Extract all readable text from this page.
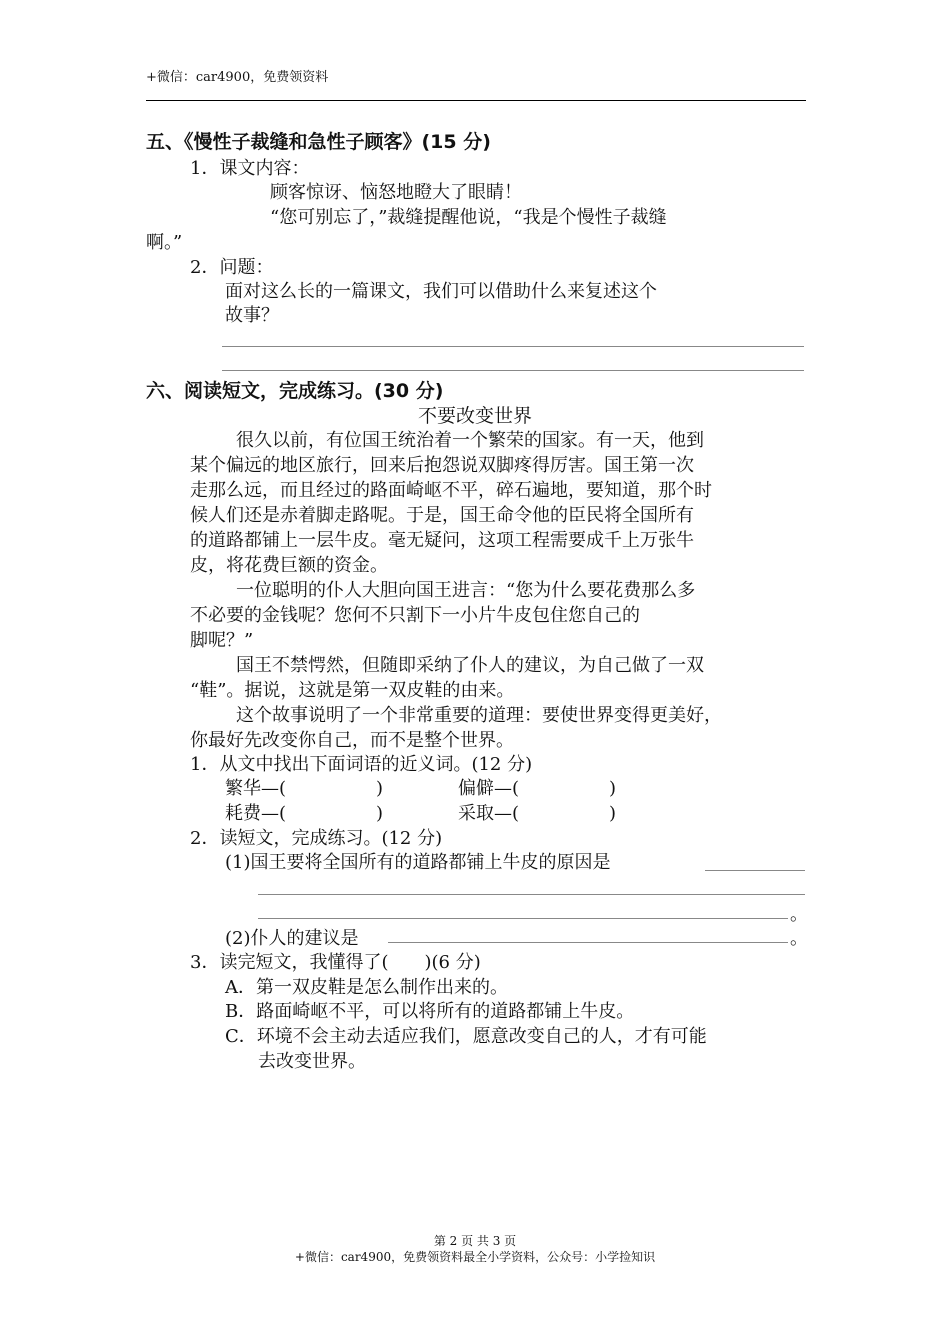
+微信：car4900，免费领资料
五、《慢性子裁缝和急性子顾客》(15 分)
1．课文内容：
顾客惊讶、恼怒地瞪大了眼睛！
“您可别忘了，”裁缝提醒他说，“我是个慢性子裁缝
啊。”
2．问题：
面对这么长的一篇课文，我们可以借助什么来复述这个
故事？
六、阅读短文，完成练习。(30 分)
不要改变世界
很久以前，有位国王统治着一个繁荣的国家。有一天，他到
某个偏远的地区旅行，回来后抱怨说双脚疼得厉害。国王第一次
走那么远，而且经过的路面崎岖不平，碎石遍地，要知道，那个时
候人们还是赤着脚走路呢。于是，国王命令他的臣民将全国所有
的道路都铺上一层牛皮。毫无疑问，这项工程需要成千上万张牛
皮，将花费巨额的资金。
一位聪明的仆人大胆向国王进言：“您为什么要花费那么多
不必要的金钱呢？您何不只割下一小片牛皮包住您自己的
脚呢？”
国王不禁愕然，但随即采纳了仆人的建议，为自己做了一双
“鞋”。据说，这就是第一双皮鞋的由来。
这个故事说明了一个非常重要的道理：要使世界变得更美好，
你最好先改变你自己，而不是整个世界。
1．从文中找出下面词语的近义词。(12 分)
繁华—(　　　　　)	偏僻—(　　　　　)
耗费—(　　　　　)	采取—(　　　　　)
2．读短文，完成练习。(12 分)
(1)国王要将全国所有的道路都铺上牛皮的原因是
。
(2)仆人的建议是	。
3．读完短文，我懂得了(　　)(6 分)
A．第一双皮鞋是怎么制作出来的。
B．路面崎岖不平，可以将所有的道路都铺上牛皮。
C．环境不会主动去适应我们，愿意改变自己的人，才有可能
去改变世界。
第 2 页 共 3 页
+微信：car4900，免费领资料最全小学资料，公众号：小学捡知识
